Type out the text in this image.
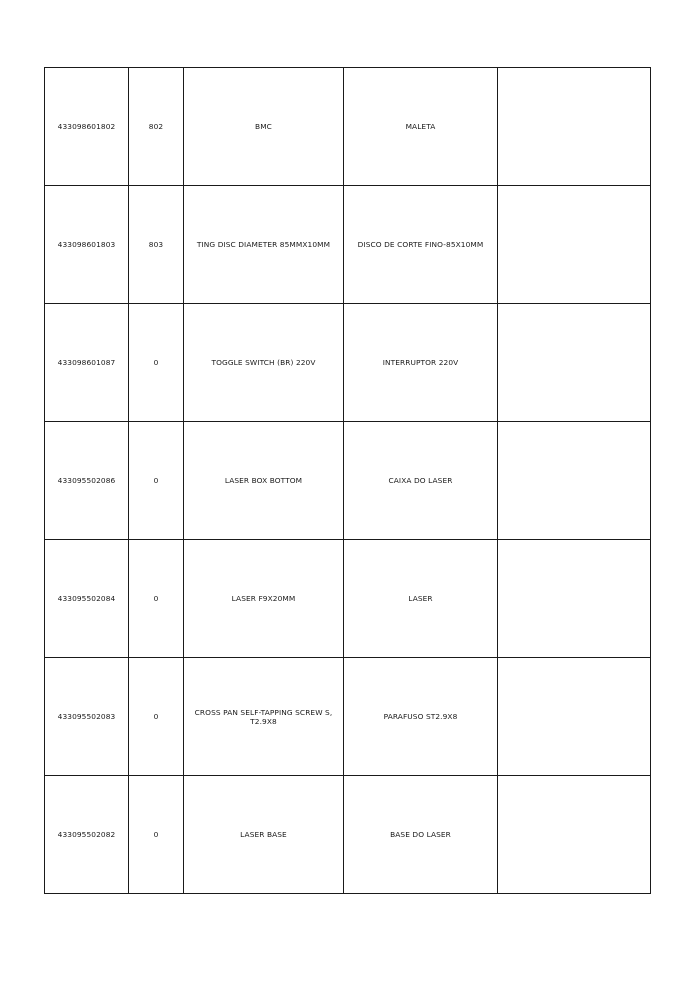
433098601802	802	BMC	MALETA	
433098601803	803	TING DISC DIAMETER 85MMX10MM	DISCO DE CORTE FINO-85X10MM	
433098601087	0	TOGGLE SWITCH (BR) 220V	INTERRUPTOR 220V	
433095502086	0	LASER BOX BOTTOM	CAIXA DO LASER	
433095502084	0	LASER F9X20MM	LASER	
433095502083	0	CROSS PAN SELF-TAPPING SCREW S, T2.9X8	PARAFUSO ST2.9X8	
433095502082	0	LASER BASE	BASE DO LASER	
